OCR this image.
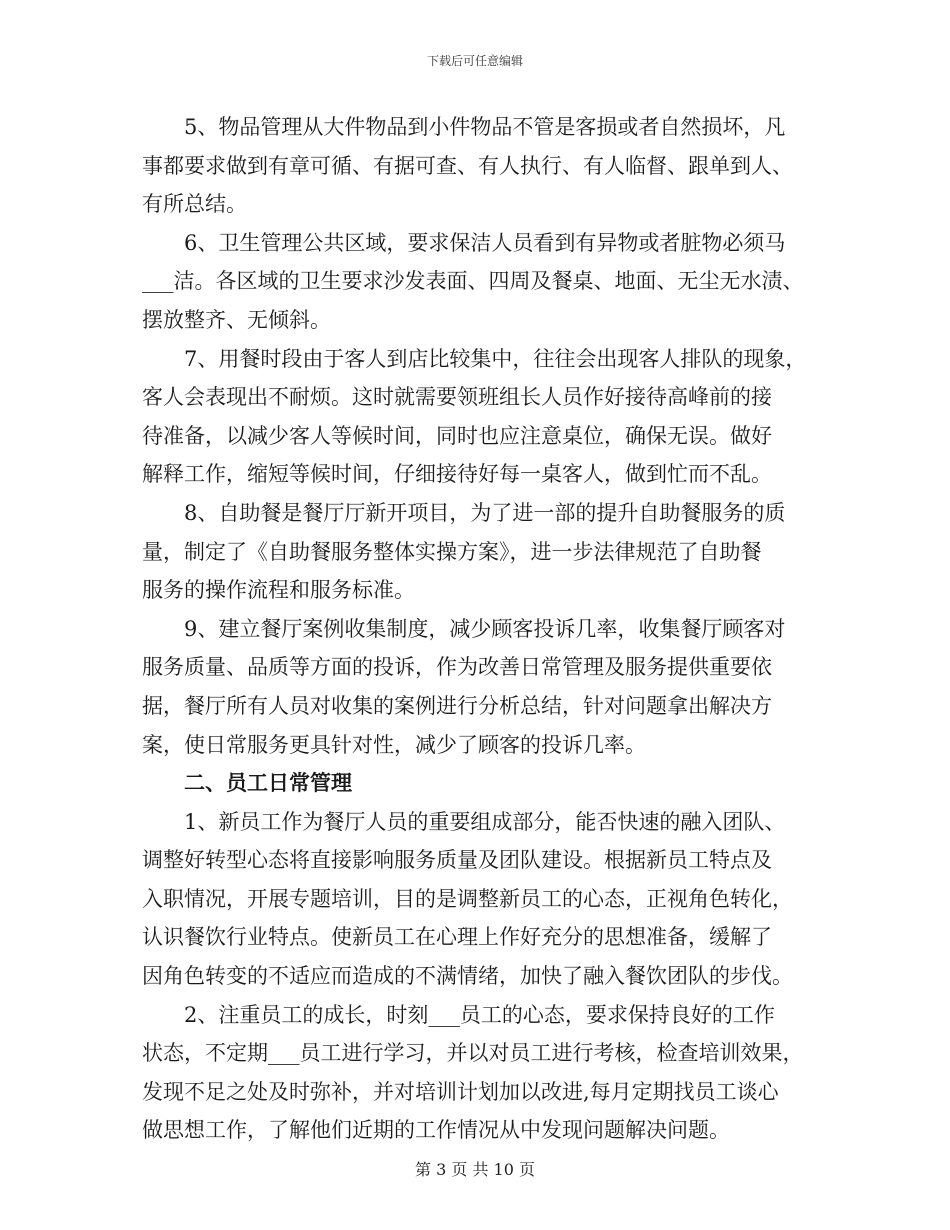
下载后可任意编辑
5、物品管理从大件物品到小件物品不管是客损或者自然损坏，凡
事都要求做到有章可循、有据可查、有人执行、有人临督、跟单到人、
有所总结。
6、卫生管理公共区域，要求保洁人员看到有异物或者脏物必须马
___洁。各区域的卫生要求沙发表面、四周及餐桌、地面、无尘无水渍、
摆放整齐、无倾斜。
7、用餐时段由于客人到店比较集中，往往会出现客人排队的现象，
客人会表现出不耐烦。这时就需要领班组长人员作好接待高峰前的接
待准备，以减少客人等候时间，同时也应注意桌位，确保无误。做好
解释工作，缩短等候时间，仔细接待好每一桌客人，做到忙而不乱。
8、自助餐是餐厅厅新开项目，为了进一部的提升自助餐服务的质
量，制定了《自助餐服务整体实操方案》，进一步法律规范了自助餐
服务的操作流程和服务标准。
9、建立餐厅案例收集制度，减少顾客投诉几率，收集餐厅顾客对
服务质量、品质等方面的投诉，作为改善日常管理及服务提供重要依
据，餐厅所有人员对收集的案例进行分析总结，针对问题拿出解决方
案，使日常服务更具针对性，减少了顾客的投诉几率。
二、员工日常管理
1、新员工作为餐厅人员的重要组成部分，能否快速的融入团队、
调整好转型心态将直接影响服务质量及团队建设。根据新员工特点及
入职情况，开展专题培训，目的是调整新员工的心态，正视角色转化，
认识餐饮行业特点。使新员工在心理上作好充分的思想准备，缓解了
因角色转变的不适应而造成的不满情绪，加快了融入餐饮团队的步伐。
2、注重员工的成长，时刻___员工的心态，要求保持良好的工作
状态，不定期___员工进行学习，并以对员工进行考核，检查培训效果，
发现不足之处及时弥补，并对培训计划加以改进,每月定期找员工谈心
做思想工作，了解他们近期的工作情况从中发现问题解决问题。
第 3 页 共 10 页
